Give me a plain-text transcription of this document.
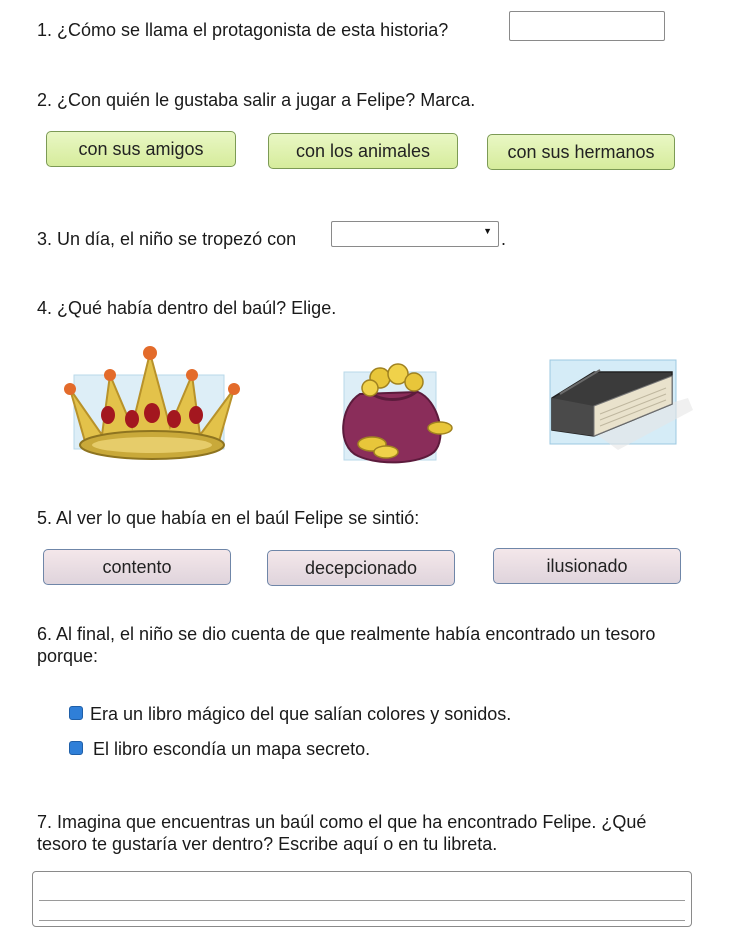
1. ¿Cómo se llama el protagonista de esta historia?
2. ¿Con quién le gustaba salir a jugar a Felipe? Marca.
con sus amigos	con los animales	con sus hermanos
3. Un día, el niño se tropezó con	▼ .
4. ¿Qué había dentro del baúl? Elige.
5. Al ver lo que había en el baúl Felipe se sintió:
contento	decepcionado	ilusionado
6. Al final, el niño se dio cuenta de que realmente había encontrado un tesoro porque:
Era un libro mágico del que salían colores y sonidos.
El libro escondía un mapa secreto.
7. Imagina que encuentras un baúl como el que ha encontrado Felipe. ¿Qué tesoro te gustaría ver dentro? Escribe aquí o en tu libreta.
